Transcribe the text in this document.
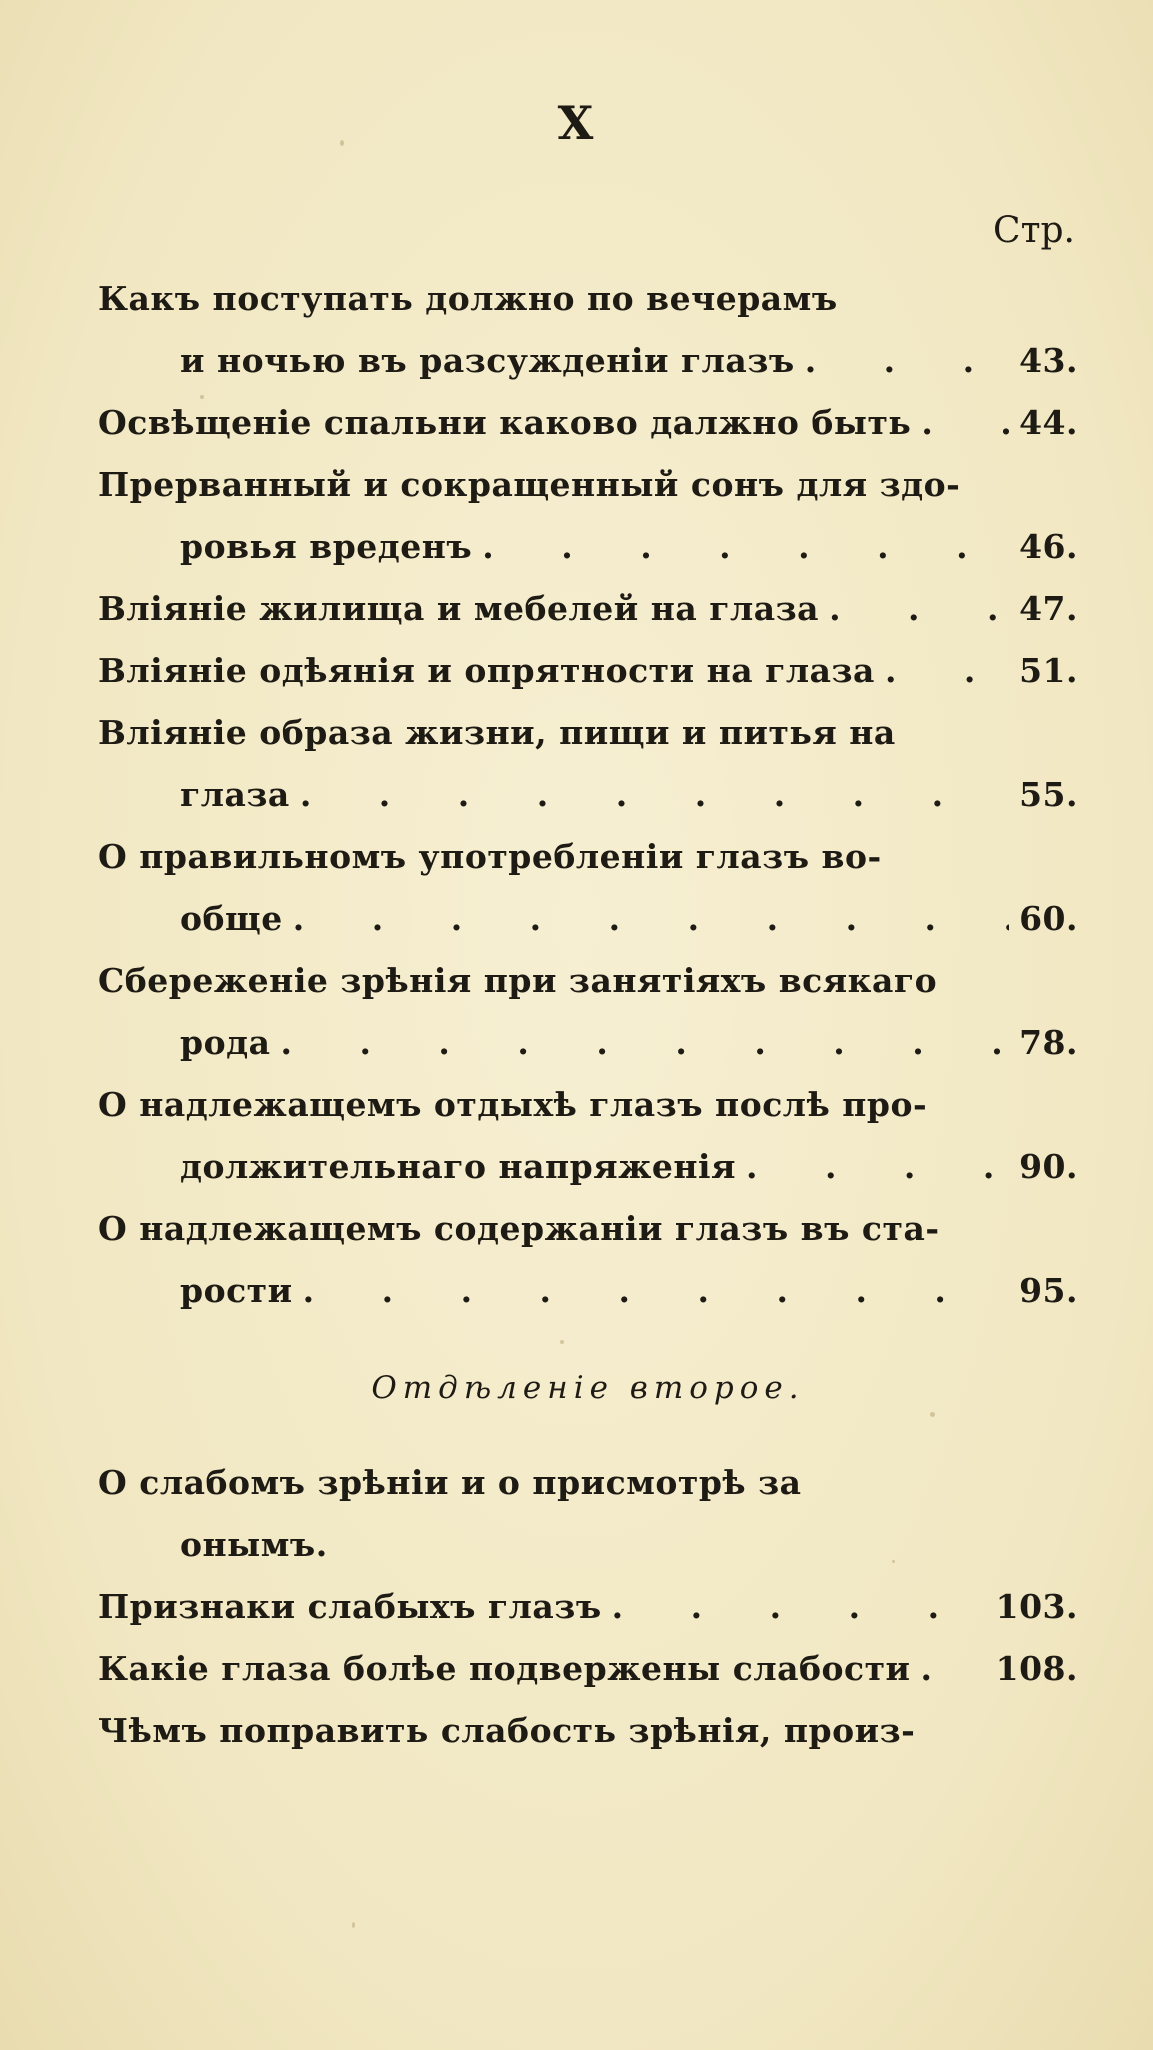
X
Стр.
Какъ поступать должно по вечерамъ
и ночью въ разсужденіи глазъ . . .	43.
Освѣщеніе спальни каково далжно быть . . .	44.
Прерванный и сокращенный сонъ для здо-
ровья вреденъ . . .	46.
Вліяніе жилища и мебелей на глаза . . .	47.
Вліяніе одѣянія и опрятности на глаза . . .	51.
Вліяніе образа жизни, пищи и питья на
глаза . . .	55.
О правильномъ употребленіи глазъ во-
обще . . .	60.
Сбереженіе зрѣнія при занятіяхъ всякаго
рода . . .	78.
О надлежащемъ отдыхѣ глазъ послѣ про-
должительнаго напряженія . . .	90.
О надлежащемъ содержаніи глазъ въ ста-
рости . . .	95.
Отдѣленіе второе.
О слабомъ зрѣніи и о присмотрѣ за
онымъ.
Признаки слабыхъ глазъ . . .	103.
Какіе глаза болѣе подвержены слабости . . .	108.
Чѣмъ поправить слабость зрѣнія, произ-
